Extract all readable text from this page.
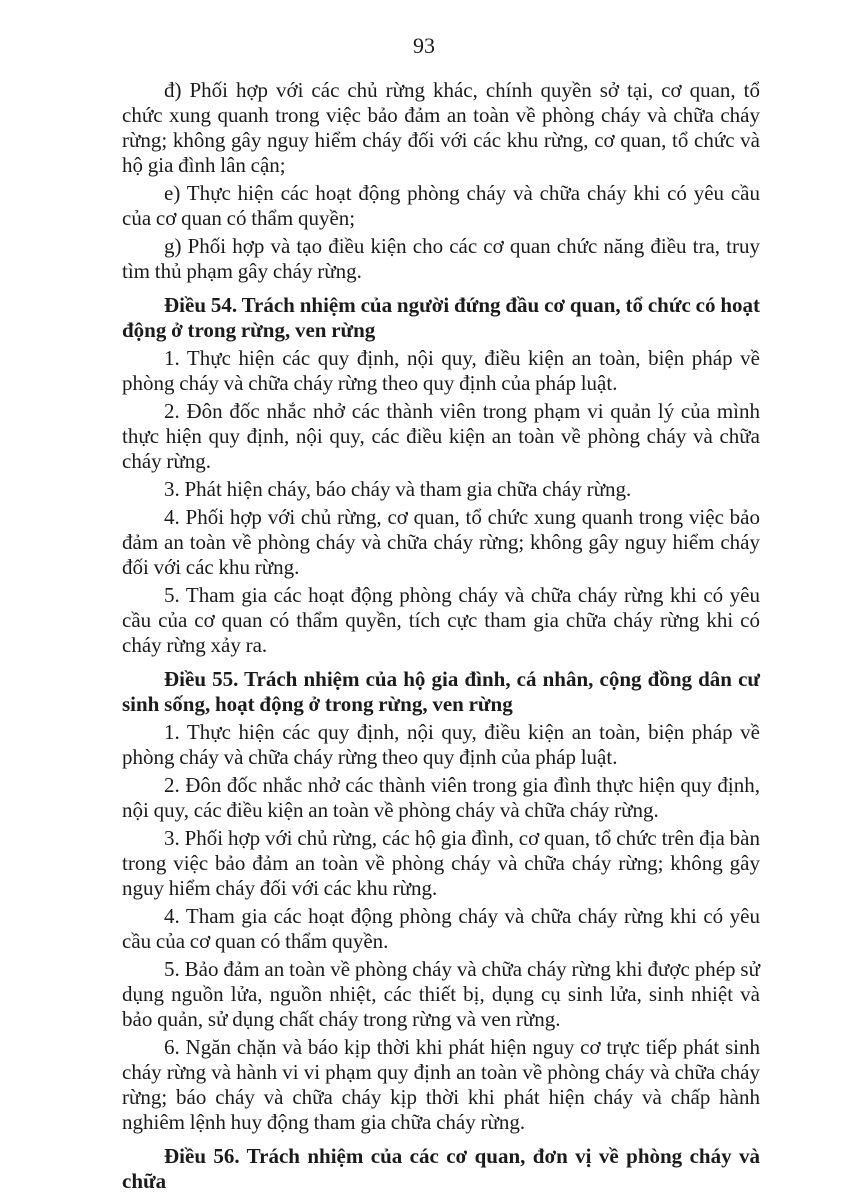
93

đ) Phối hợp với các chủ rừng khác, chính quyền sở tại, cơ quan, tổ chức xung quanh trong việc bảo đảm an toàn về phòng cháy và chữa cháy rừng; không gây nguy hiểm cháy đối với các khu rừng, cơ quan, tổ chức và hộ gia đình lân cận;

e) Thực hiện các hoạt động phòng cháy và chữa cháy khi có yêu cầu của cơ quan có thẩm quyền;

g) Phối hợp và tạo điều kiện cho các cơ quan chức năng điều tra, truy tìm thủ phạm gây cháy rừng.

Điều 54. Trách nhiệm của người đứng đầu cơ quan, tổ chức có hoạt động ở trong rừng, ven rừng

1. Thực hiện các quy định, nội quy, điều kiện an toàn, biện pháp về phòng cháy và chữa cháy rừng theo quy định của pháp luật.

2. Đôn đốc nhắc nhở các thành viên trong phạm vi quản lý của mình thực hiện quy định, nội quy, các điều kiện an toàn về phòng cháy và chữa cháy rừng.

3. Phát hiện cháy, báo cháy và tham gia chữa cháy rừng.

4. Phối hợp với chủ rừng, cơ quan, tổ chức xung quanh trong việc bảo đảm an toàn về phòng cháy và chữa cháy rừng; không gây nguy hiểm cháy đối với các khu rừng.

5. Tham gia các hoạt động phòng cháy và chữa cháy rừng khi có yêu cầu của cơ quan có thẩm quyền, tích cực tham gia chữa cháy rừng khi có cháy rừng xảy ra.

Điều 55. Trách nhiệm của hộ gia đình, cá nhân, cộng đồng dân cư sinh sống, hoạt động ở trong rừng, ven rừng

1. Thực hiện các quy định, nội quy, điều kiện an toàn, biện pháp về phòng cháy và chữa cháy rừng theo quy định của pháp luật.

2. Đôn đốc nhắc nhở các thành viên trong gia đình thực hiện quy định, nội quy, các điều kiện an toàn về phòng cháy và chữa cháy rừng.

3. Phối hợp với chủ rừng, các hộ gia đình, cơ quan, tổ chức trên địa bàn trong việc bảo đảm an toàn về phòng cháy và chữa cháy rừng; không gây nguy hiểm cháy đối với các khu rừng.

4. Tham gia các hoạt động phòng cháy và chữa cháy rừng khi có yêu cầu của cơ quan có thẩm quyền.

5. Bảo đảm an toàn về phòng cháy và chữa cháy rừng khi được phép sử dụng nguồn lửa, nguồn nhiệt, các thiết bị, dụng cụ sinh lửa, sinh nhiệt và bảo quản, sử dụng chất cháy trong rừng và ven rừng.

6. Ngăn chặn và báo kịp thời khi phát hiện nguy cơ trực tiếp phát sinh cháy rừng và hành vi vi phạm quy định an toàn về phòng cháy và chữa cháy rừng; báo cháy và chữa cháy kịp thời khi phát hiện cháy và chấp hành nghiêm lệnh huy động tham gia chữa cháy rừng.

Điều 56. Trách nhiệm của các cơ quan, đơn vị về phòng cháy và chữa
